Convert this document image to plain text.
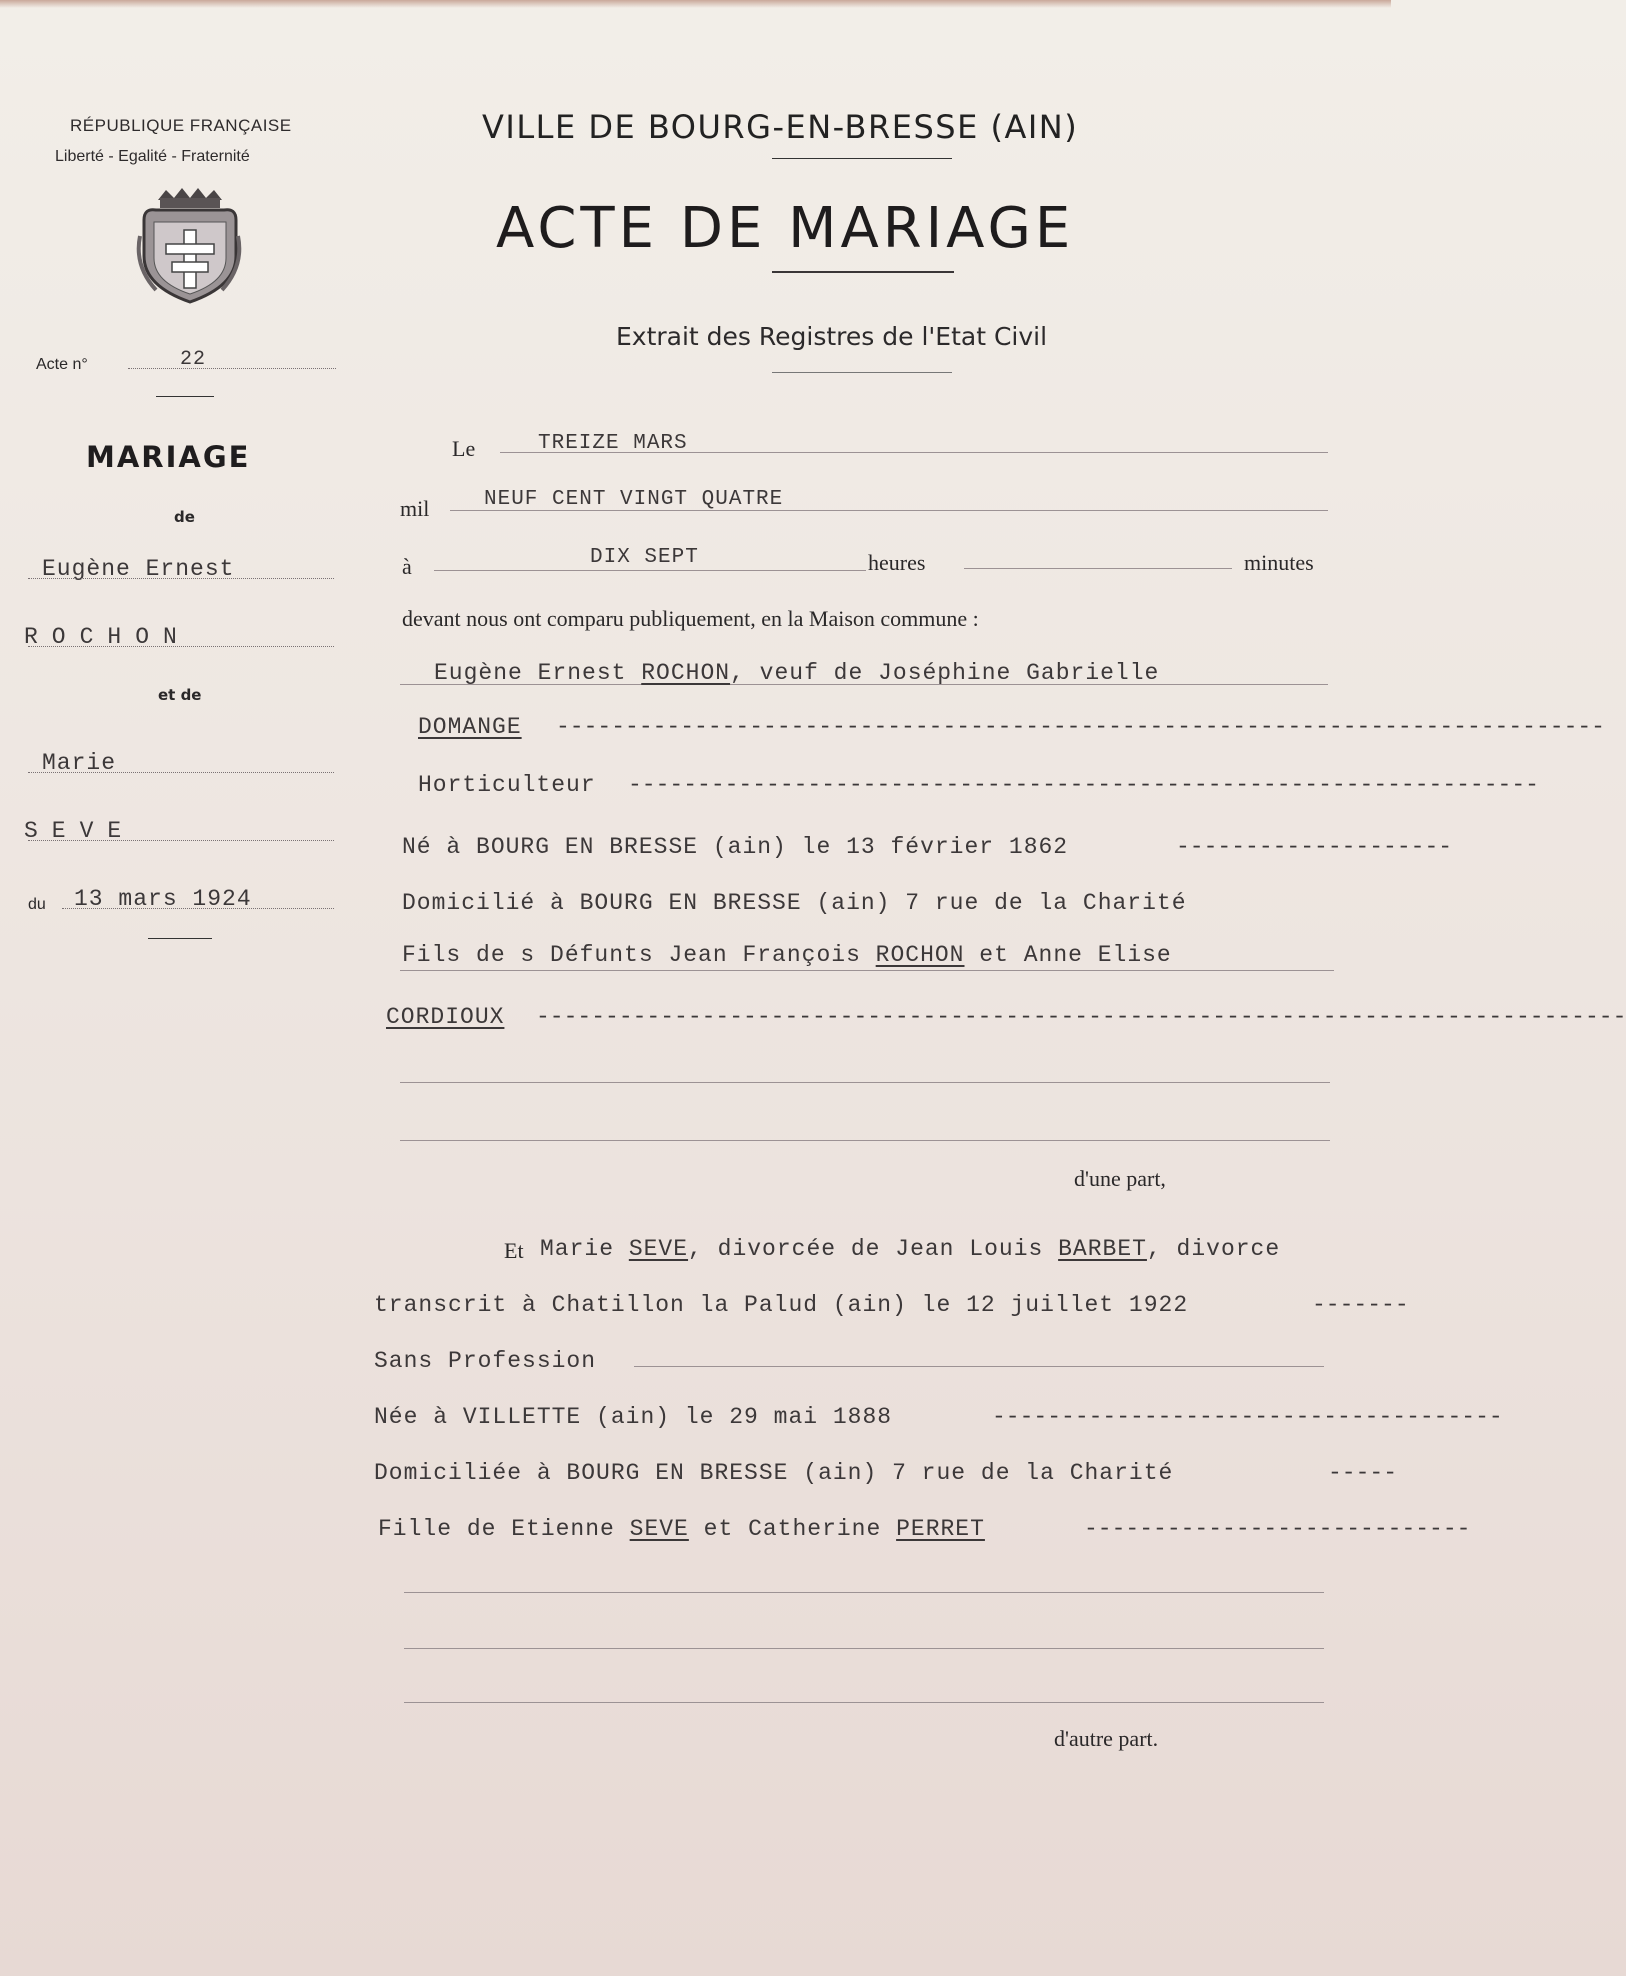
RÉPUBLIQUE FRANÇAISE
Liberté - Egalité - Fraternité
Acte n°	22
VILLE DE BOURG-EN-BRESSE (AIN)
ACTE DE MARIAGE
Extrait des Registres de l'Etat Civil
MARIAGE
de
Eugène Ernest
ROCHON
et de
Marie
SEVE
du 13 mars 1924
Le	TREIZE MARS
mil	NEUF CENT VINGT QUATRE
à	DIX SEPT	heures	minutes
devant nous ont comparu publiquement, en la Maison commune :
Eugène Ernest ROCHON, veuf de Joséphine Gabrielle
DOMANGE ----------------------------------------------------------------------------
Horticulteur ------------------------------------------------------------------
Né à BOURG EN BRESSE (ain) le 13 février 1862	--------------------
Domicilié à BOURG EN BRESSE (ain) 7 rue de la Charité
Fils de s Défunts Jean François ROCHON et Anne Elise
CORDIOUX -------------------------------------------------------------------------------
d'une part,
Et Marie SEVE, divorcée de Jean Louis BARBET, divorce
transcrit à Chatillon la Palud (ain) le 12 juillet 1922	-------
Sans Profession
Née à VILLETTE (ain) le 29 mai 1888	-------------------------------------
Domiciliée à BOURG EN BRESSE (ain) 7 rue de la Charité	-----
Fille de Etienne SEVE et Catherine PERRET	----------------------------
d'autre part.
